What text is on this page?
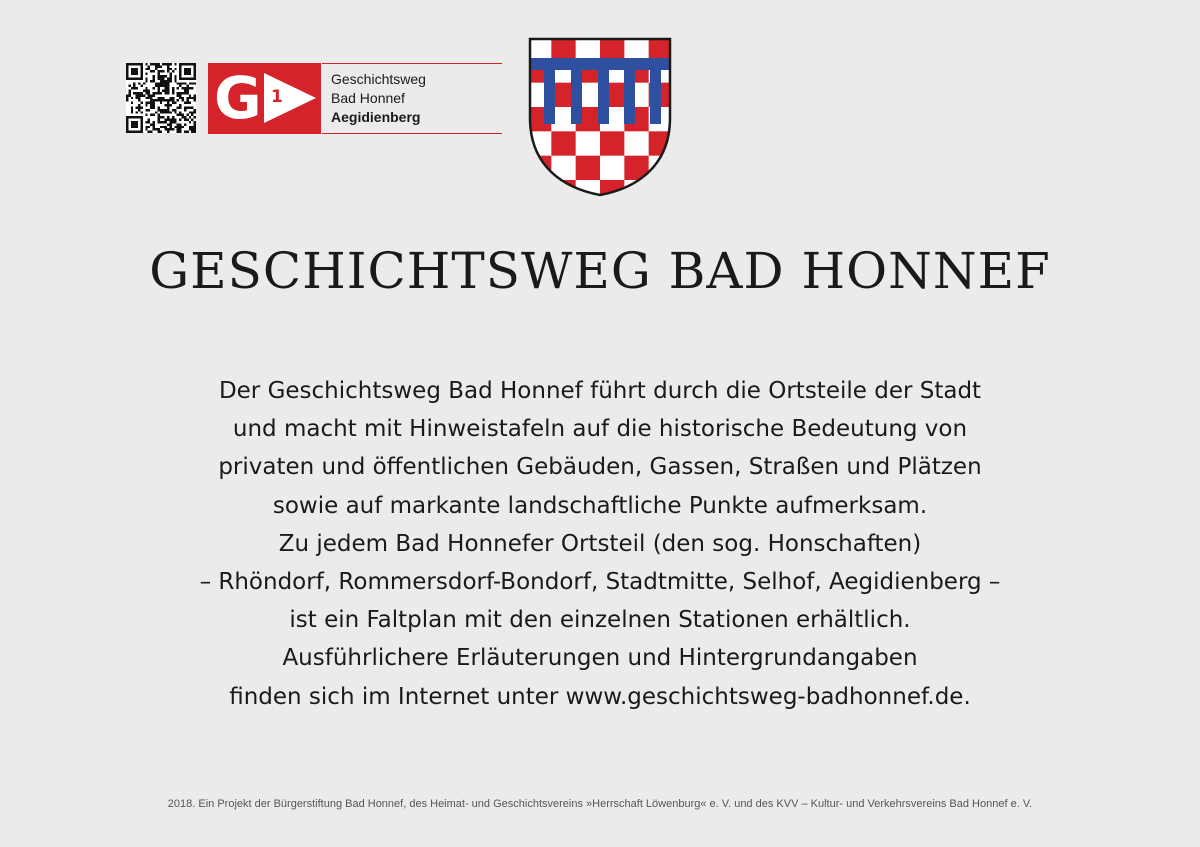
G 1
Geschichtsweg
Bad Honnef
Aegidienberg
GESCHICHTSWEG BAD HONNEF
Der Geschichtsweg Bad Honnef führt durch die Ortsteile der Stadt
und macht mit Hinweistafeln auf die historische Bedeutung von
privaten und öffentlichen Gebäuden, Gassen, Straßen und Plätzen
sowie auf markante landschaftliche Punkte aufmerksam.
Zu jedem Bad Honnefer Ortsteil (den sog. Honschaften)
– Rhöndorf, Rommersdorf-Bondorf, Stadtmitte, Selhof, Aegidienberg –
ist ein Faltplan mit den einzelnen Stationen erhältlich.
Ausführlichere Erläuterungen und Hintergrundangaben
finden sich im Internet unter www.geschichtsweg-badhonnef.de.
2018. Ein Projekt der Bürgerstiftung Bad Honnef, des Heimat- und Geschichtsvereins »Herrschaft Löwenburg« e. V. und des KVV – Kultur- und Verkehrsvereins Bad Honnef e. V.
